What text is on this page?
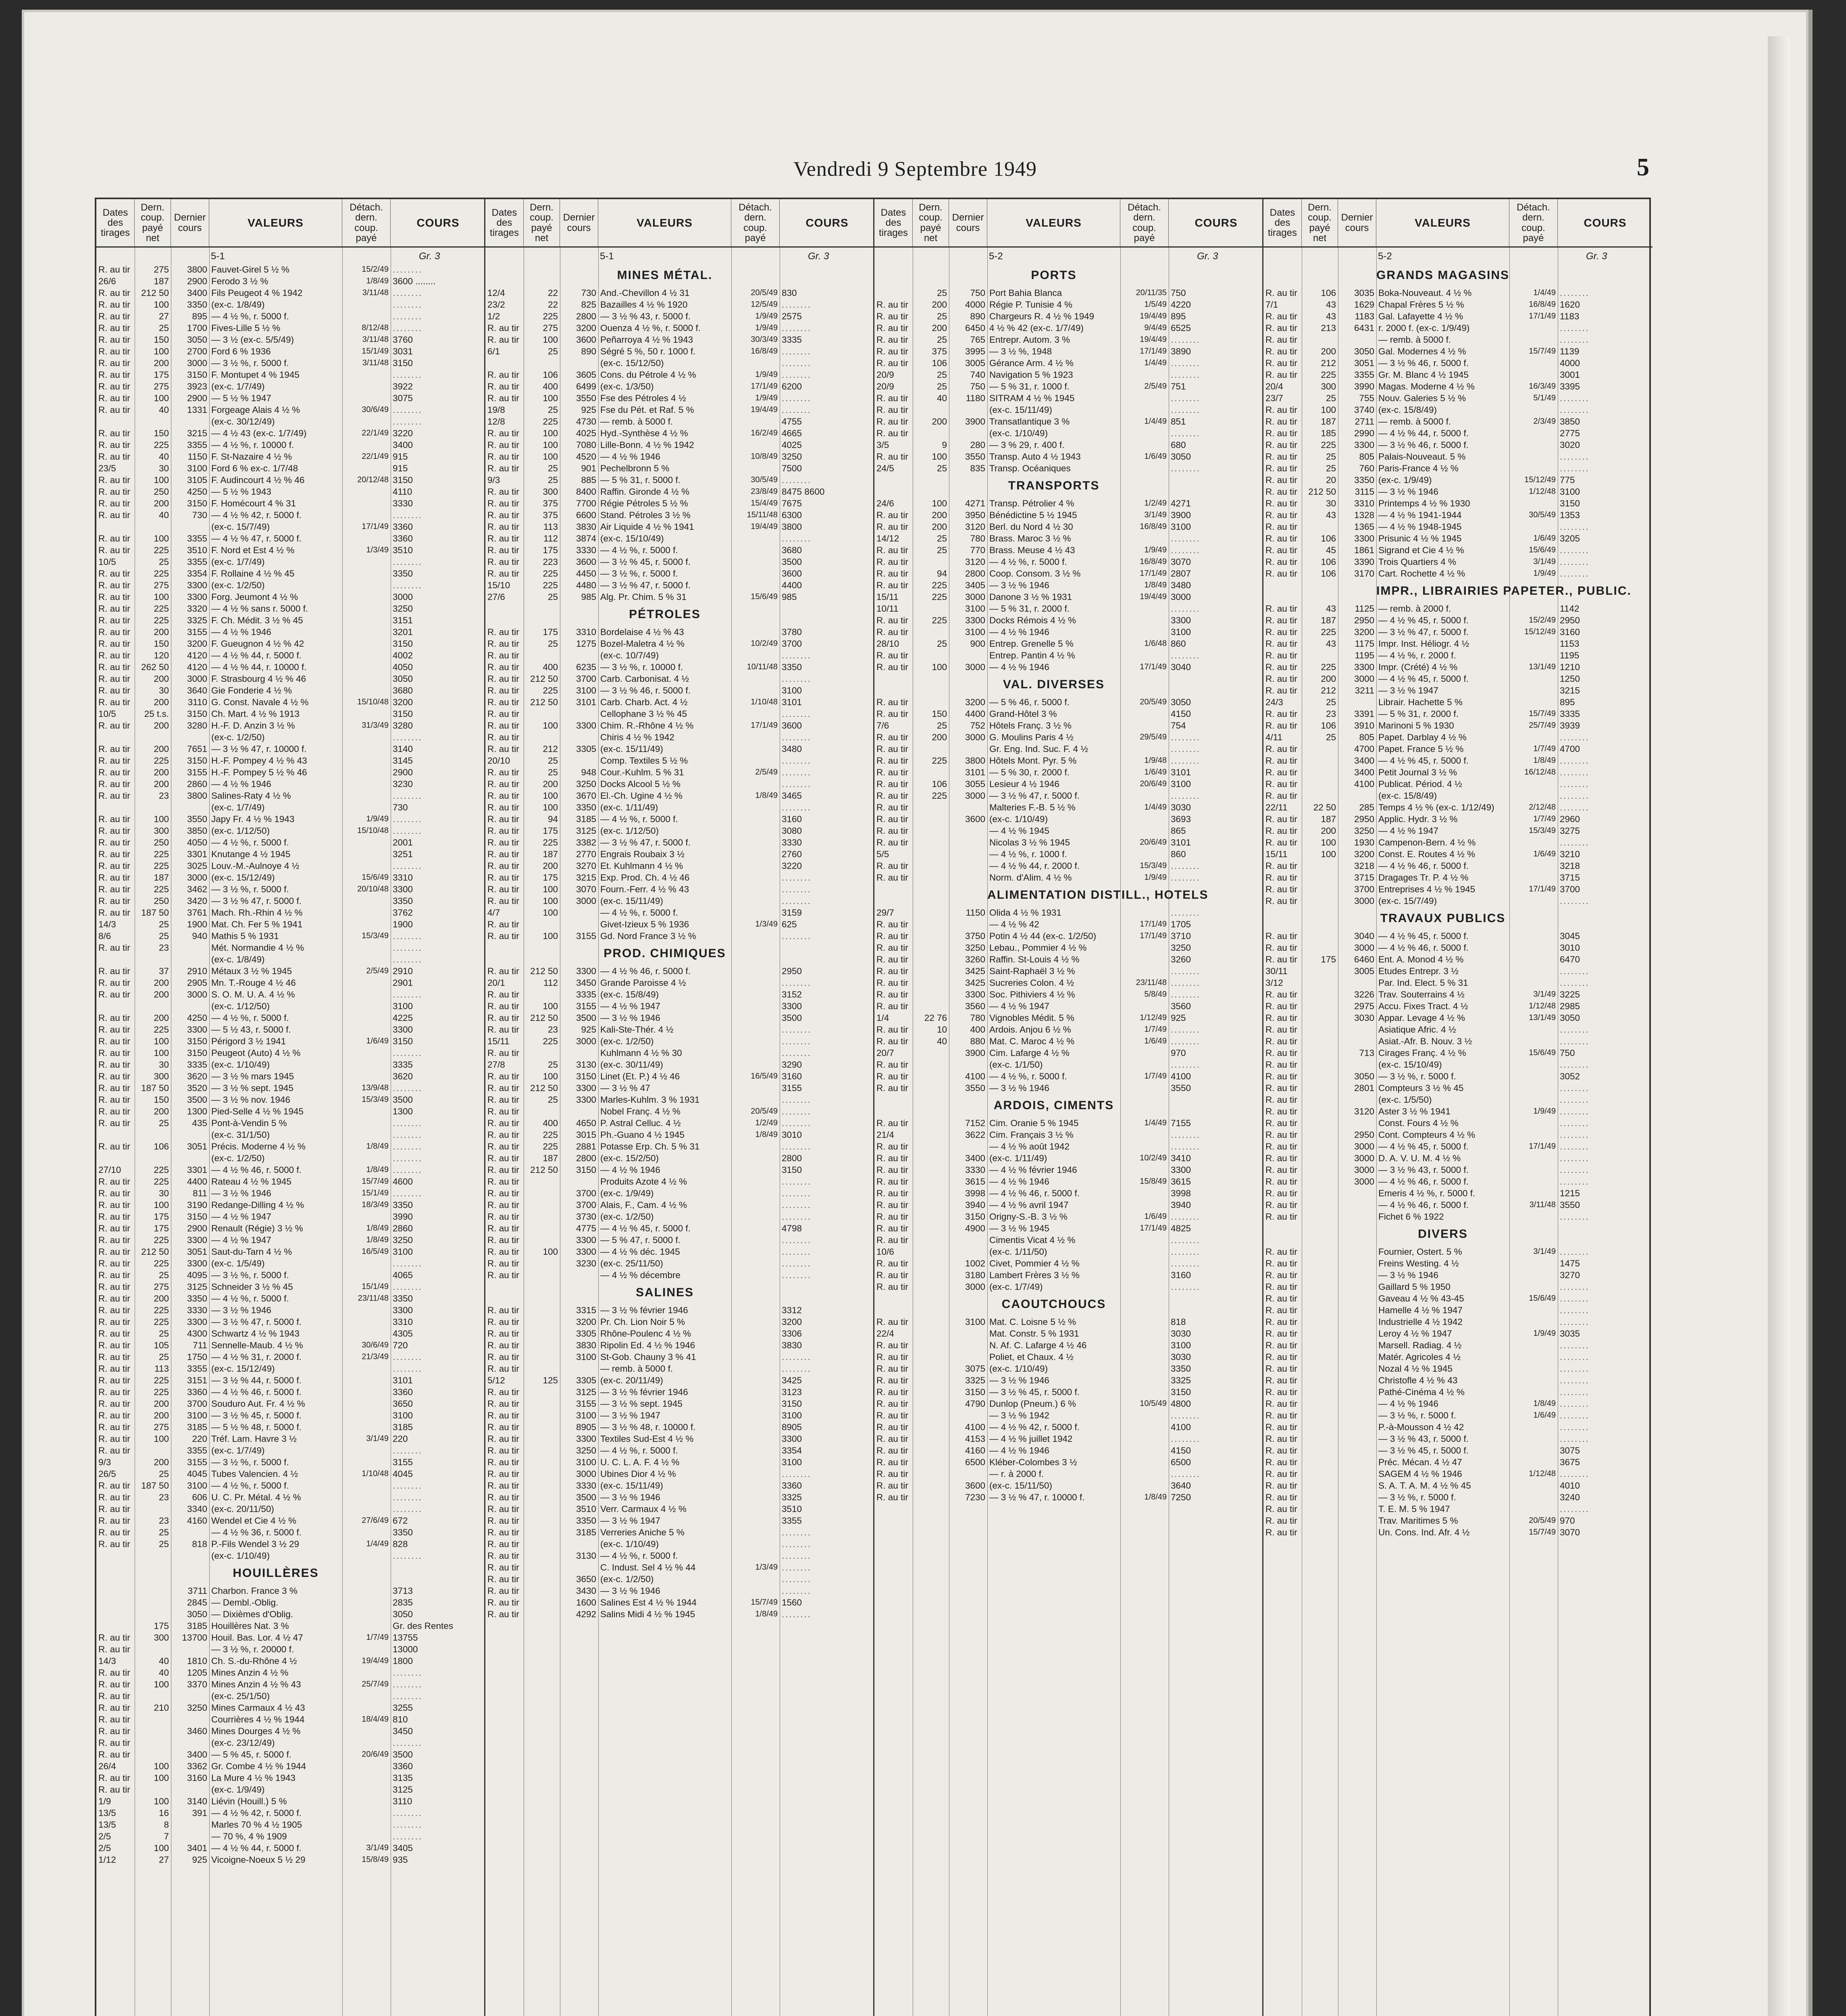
Vendredi 9 Septembre 1949	5
Dates
des
tirages
Dern.
coup.
payé
net
Dernier
cours	VALEURS
Détach.
dern.
coup.
payé
COURS
5-1	Gr. 3
R. au tir	275	3800 Fauvet-Girel 5 ½ %	15/2/49 ........
26/6	187	2900 Ferodo 3 ½ %	1/8/49 3600 ........
R. au tir	212 50	3400 Fils Peugeot 4 % 1942	3/11/48 ........
R. au tir	100	3350 (ex-c. 1/8/49)	........
R. au tir	27	895 — 4 ½ %, r. 5000 f.	........
R. au tir	25	1700 Fives-Lille 5 ½ %	8/12/48 ........
R. au tir	150	3050 — 3 ½ (ex-c. 5/5/49)	3/11/48 3760
R. au tir	100	2700 Ford 6 % 1936	15/1/49 3031
R. au tir	200	3000 — 3 ½ %, r. 5000 f.	3/11/48 3150
R. au tir	175	3150 F. Montupet 4 % 1945	........
R. au tir	275	3923 (ex-c. 1/7/49)	3922
R. au tir	100	2900 — 5 ½ % 1947	3075
R. au tir	40	1331 Forgeage Alais 4 ½ %	30/6/49 ........
(ex-c. 30/12/49)	........
R. au tir	150	3215 — 4 ½ 43 (ex-c. 1/7/49)	22/1/49 3220
R. au tir	225	3355 — 4 ½ %, r. 10000 f.	3400
R. au tir	40	1150 F. St-Nazaire 4 ½ %	22/1/49 915
23/5	30	3100 Ford 6 % ex-c. 1/7/48	915
R. au tir	100	3105 F. Audincourt 4 ½ % 46	20/12/48 3150
R. au tir	250	4250 — 5 ½ % 1943	4110
R. au tir	200	3150 F. Homécourt 4 % 31	3330
R. au tir	40	730 — 4 ½ % 42, r. 5000 f.	........
(ex-c. 15/7/49)	17/1/49 3360
R. au tir	100	3355 — 4 ½ % 47, r. 5000 f.	3360
R. au tir	225	3510 F. Nord et Est 4 ½ %	1/3/49 3510
10/5	25	3355 (ex-c. 1/7/49)	........
R. au tir	225	3354 F. Rollaine 4 ½ % 45	3350
R. au tir	275	3300 (ex-c. 1/2/50)	........
R. au tir	100	3300 Forg. Jeumont 4 ½ %	3000
R. au tir	225	3320 — 4 ½ % sans r. 5000 f.	3250
R. au tir	225	3325 F. Ch. Médit. 3 ½ % 45	3151
R. au tir	200	3155 — 4 ½ % 1946	3201
R. au tir	150	3200 F. Gueugnon 4 ½ % 42	3150
R. au tir	120	4120 — 4 ½ % 44, r. 5000 f.	4002
R. au tir	262 50	4120 — 4 ½ % 44, r. 10000 f.	4050
R. au tir	200	3000 F. Strasbourg 4 ½ % 46	3050
R. au tir	30	3640 Gie Fonderie 4 ½ %	3680
R. au tir	200	3110 G. Const. Navale 4 ½ %	15/10/48 3200
10/5	25 t.s.	3150 Ch. Mart. 4 ½ % 1913	3150
R. au tir	200	3280 H.-F. D. Anzin 3 ½ %	31/3/49 3280
(ex-c. 1/2/50)	........
R. au tir	200	7651 — 3 ½ % 47, r. 10000 f.	3140
R. au tir	225	3150 H.-F. Pompey 4 ½ % 43	3145
R. au tir	200	3155 H.-F. Pompey 5 ½ % 46	2900
R. au tir	200	2860 — 4 ½ % 1946	3230
R. au tir	23	3800 Salines-Raty 4 ½ %	........
(ex-c. 1/7/49)	730
R. au tir	100	3550 Japy Fr. 4 ½ % 1943	1/9/49 ........
R. au tir	300	3850 (ex-c. 1/12/50)	15/10/48 ........
R. au tir	250	4050 — 4 ½ %, r. 5000 f.	2001
R. au tir	225	3301 Knutange 4 ½ 1945	3251
R. au tir	225	3025 Louv.-M.-Aulnoye 4 ½	........
R. au tir	187	3000 (ex-c. 15/12/49)	15/6/49 3310
R. au tir	225	3462 — 3 ½ %, r. 5000 f.	20/10/48 3300
R. au tir	250	3420 — 3 ½ % 47, r. 5000 f.	3350
R. au tir	187 50	3761 Mach. Rh.-Rhin 4 ½ %	3762
14/3	25	1900 Mat. Ch. Fer 5 % 1941	1900
8/6	25	940 Mathis 5 % 1931	15/3/49 ........
R. au tir	23	Mét. Normandie 4 ½ %	........
(ex-c. 1/8/49)	........
R. au tir	37	2910 Métaux 3 ½ % 1945	2/5/49 2910
R. au tir	200	2905 Mn. T.-Rouge 4 ½ 46	2901
R. au tir	200	3000 S. O. M. U. A. 4 ½ %	........
(ex-c. 1/12/50)	3100
R. au tir	200	4250 — 4 ½ %, r. 5000 f.	4225
R. au tir	225	3300 — 5 ½ 43, r. 5000 f.	3300
R. au tir	100	3150 Périgord 3 ½ 1941	1/6/49 3150
R. au tir	100	3150 Peugeot (Auto) 4 ½ %	........
R. au tir	30	3335 (ex-c. 1/10/49)	3335
R. au tir	300	3620 — 3 ½ % mars 1945	3620
R. au tir	187 50	3520 — 3 ½ % sept. 1945	13/9/48 ........
R. au tir	150	3500 — 3 ½ % nov. 1946	15/3/49 3500
R. au tir	200	1300 Pied-Selle 4 ½ % 1945	1300
R. au tir	25	435 Pont-à-Vendin 5 %	........
(ex-c. 31/1/50)	........
R. au tir	106	3051 Précis. Moderne 4 ½ %	1/8/49 ........
(ex-c. 1/2/50)	........
27/10	225	3301 — 4 ½ % 46, r. 5000 f.	1/8/49 ........
R. au tir	225	4400 Rateau 4 ½ % 1945	15/7/49 4600
R. au tir	30	811 — 3 ½ % 1946	15/1/49 ........
R. au tir	100	3190 Redange-Dilling 4 ½ %	18/3/49 3350
R. au tir	175	3150 — 4 ½ % 1947	3990
R. au tir	175	2900 Renault (Régie) 3 ½ %	1/8/49 2860
R. au tir	225	3300 — 4 ½ % 1947	1/8/49 3250
R. au tir	212 50	3051 Saut-du-Tarn 4 ½ %	16/5/49 3100
R. au tir	225	3300 (ex-c. 1/5/49)	........
R. au tir	25	4095 — 3 ½ %, r. 5000 f.	4065
R. au tir	275	3125 Schneider 3 ½ % 45	15/1/49 ........
R. au tir	200	3350 — 4 ½ %, r. 5000 f.	23/11/48 3350
R. au tir	225	3330 — 3 ½ % 1946	3300
R. au tir	225	3300 — 3 ½ % 47, r. 5000 f.	3310
R. au tir	25	4300 Schwartz 4 ½ % 1943	4305
R. au tir	105	711 Sennelle-Maub. 4 ½ %	30/6/49 720
R. au tir	25	1750 — 4 ½ % 31, r. 2000 f.	21/3/49 ........
R. au tir	113	3355 (ex-c. 15/12/49)	........
R. au tir	225	3151 — 3 ½ % 44, r. 5000 f.	3101
R. au tir	225	3360 — 4 ½ % 46, r. 5000 f.	3360
R. au tir	200	3700 Souduro Aut. Fr. 4 ½ %	3650
R. au tir	200	3100 — 3 ½ % 45, r. 5000 f.	3100
R. au tir	275	3185 — 5 ½ % 48, r. 5000 f.	3185
R. au tir	100	220 Tréf. Lam. Havre 3 ½	3/1/49 220
R. au tir	3355 (ex-c. 1/7/49)	........
9/3	200	3155 — 3 ½ %, r. 5000 f.	3155
26/5	25	4045 Tubes Valencien. 4 ½	1/10/48 4045
R. au tir	187 50	3100 — 4 ½ %, r. 5000 f.	........
R. au tir	23	606 U. C. Pr. Métal. 4 ½ %	........
R. au tir	3340 (ex-c. 20/11/50)	........
R. au tir	23	4160 Wendel et Cie 4 ½ %	27/6/49 672
R. au tir	25	— 4 ½ % 36, r. 5000 f.	3350
R. au tir	25	818 P.-Fils Wendel 3 ½ 29	1/4/49 828
(ex-c. 1/10/49)	........
HOUILLÈRES
3711 Charbon. France 3 %	3713
2845 — Dembl.-Oblig.	2835
3050 — Dixièmes d'Oblig.	3050
175	3185 Houillères Nat. 3 %	Gr. des Rentes
R. au tir	300	13700 Houil. Bas. Lor. 4 ½ 47	1/7/49 13755
R. au tir	— 3 ½ %, r. 20000 f.	13000
14/3	40	1810 Ch. S.-du-Rhône 4 ½	19/4/49 1800
R. au tir	40	1205 Mines Anzin 4 ½ %	........
R. au tir	100	3370 Mines Anzin 4 ½ % 43	25/7/49 ........
R. au tir	(ex-c. 25/1/50)	........
R. au tir	210	3250 Mines Carmaux 4 ½ 43	3255
R. au tir	Courrières 4 ½ % 1944	18/4/49 810
R. au tir	3460 Mines Dourges 4 ½ %	3450
R. au tir	(ex-c. 23/12/49)	........
R. au tir	3400 — 5 % 45, r. 5000 f.	20/6/49 3500
26/4	100	3362 Gr. Combe 4 ½ % 1944	3360
R. au tir	100	3160 La Mure 4 ½ % 1943	3135
R. au tir	(ex-c. 1/9/49)	3125
1/9	100	3140 Liévin (Houill.) 5 %	3110
13/5	16	391 — 4 ½ % 42, r. 5000 f.	........
13/5	8	Marles 70 % 4 ½ 1905	........
2/5	7	— 70 %, 4 % 1909	........
2/5	100	3401 — 4 ½ % 44, r. 5000 f.	3/1/49 3405
1/12	27	925 Vicoigne-Noeux 5 ½ 29	15/8/49 935
Dates
des
tirages
Dern.
coup.
payé
net
Dernier
cours	VALEURS
Détach.
dern.
coup.
payé
COURS
5-1	Gr. 3
MINES MÉTAL.
12/4	22	730 And.-Chevillon 4 ½ 31	20/5/49 830
23/2	22	825 Bazailles 4 ½ % 1920	12/5/49 ........
1/2	225	2800 — 3 ½ % 43, r. 5000 f.	1/9/49 2575
R. au tir	275	3200 Ouenza 4 ½ %, r. 5000 f.	1/9/49 ........
R. au tir	100	3600 Peñarroya 4 ½ % 1943	30/3/49 3335
6/1	25	890 Ségré 5 %, 50 r. 1000 f.	16/8/49 ........
(ex-c. 15/12/50)	........
R. au tir	106	3605 Cons. du Pétrole 4 ½ %	1/9/49 ........
R. au tir	400	6499 (ex-c. 1/3/50)	17/1/49 6200
R. au tir	100	3550 Fse des Pétroles 4 ½	1/9/49 ........
19/8	25	925 Fse du Pét. et Raf. 5 %	19/4/49 ........
12/8	225	4730 — remb. à 5000 f.	4755
R. au tir	100	4025 Hyd.-Synthèse 4 ½ %	16/2/49 4665
R. au tir	100	7080 Lille-Bonn. 4 ½ % 1942	4025
R. au tir	100	4520 — 4 ½ % 1946	10/8/49 3250
R. au tir	25	901 Pechelbronn 5 %	7500
9/3	25	885 — 5 % 31, r. 5000 f.	30/5/49 ........
R. au tir	300	8400 Raffin. Gironde 4 ½ %	23/8/49 8475 8600
R. au tir	375	7700 Régie Pétroles 5 ½ %	15/4/49 7675
R. au tir	375	6600 Stand. Pétroles 3 ½ %	15/11/48 6300
R. au tir	113	3830 Air Liquide 4 ½ % 1941	19/4/49 3800
R. au tir	112	3874 (ex-c. 15/10/49)	........
R. au tir	175	3330 — 4 ½ %, r. 5000 f.	3680
R. au tir	223	3600 — 3 ½ % 45, r. 5000 f.	3500
R. au tir	225	4450 — 3 ½ %, r. 5000 f.	3600
15/10	225	4480 — 3 ½ % 47, r. 5000 f.	4400
27/6	25	985 Alg. Pr. Chim. 5 % 31	15/6/49 985
PÉTROLES
R. au tir	175	3310 Bordelaise 4 ½ % 43	3780
R. au tir	25	1275 Bozel-Maletra 4 ½ %	10/2/49 3700
R. au tir	(ex-c. 10/7/49)	........
R. au tir	400	6235 — 3 ½ %, r. 10000 f.	10/11/48 3350
R. au tir	212 50	3700 Carb. Carbonisat. 4 ½	........
R. au tir	225	3100 — 3 ½ % 46, r. 5000 f.	3100
R. au tir	212 50	3101 Carb. Charb. Act. 4 ½	1/10/48 3101
R. au tir	Cellophane 3 ½ % 45	........
R. au tir	100	3300 Chim. R.-Rhône 4 ½ %	17/1/49 3600
R. au tir	Chiris 4 ½ % 1942	........
R. au tir	212	3305 (ex-c. 15/11/49)	3480
20/10	25	Comp. Textiles 5 ½ %	........
R. au tir	25	948 Cour.-Kuhlm. 5 % 31	2/5/49 ........
R. au tir	200	3250 Docks Alcool 5 ½ %	........
R. au tir	100	3670 El.-Ch. Ugine 4 ½ %	1/8/49 3465
R. au tir	100	3350 (ex-c. 1/11/49)	........
R. au tir	94	3185 — 4 ½ %, r. 5000 f.	3160
R. au tir	175	3125 (ex-c. 1/12/50)	3080
R. au tir	225	3382 — 3 ½ % 47, r. 5000 f.	3330
R. au tir	187	2770 Engrais Roubaix 3 ½	2760
R. au tir	200	3270 Et. Kuhlmann 4 ½ %	3220
R. au tir	175	3215 Exp. Prod. Ch. 4 ½ 46	........
R. au tir	100	3070 Fourn.-Ferr. 4 ½ % 43	........
R. au tir	100	3000 (ex-c. 15/11/49)	........
4/7	100	— 4 ½ %, r. 5000 f.	3159
R. au tir	Givet-Izieux 5 % 1936	1/3/49 625
R. au tir	100	3155 Gd. Nord France 3 ½ %	........
PROD. CHIMIQUES
R. au tir	212 50	3300 — 4 ½ % 46, r. 5000 f.	2950
20/1	112	3450 Grande Paroisse 4 ½	........
R. au tir	3335 (ex-c. 15/8/49)	3152
R. au tir	100	3155 — 4 ½ % 1947	3300
R. au tir	212 50	3500 — 3 ½ % 1946	3500
R. au tir	23	925 Kali-Ste-Thér. 4 ½	........
15/11	225	3000 (ex-c. 1/2/50)	........
R. au tir	Kuhlmann 4 ½ % 30	........
27/8	25	3130 (ex-c. 30/11/49)	3290
R. au tir	100	3150 Linet (Et. P.) 4 ½ 46	16/5/49 3160
R. au tir	212 50	3300 — 3 ½ % 47	3155
R. au tir	25	3300 Marles-Kuhlm. 3 % 1931	........
R. au tir	Nobel Franç. 4 ½ %	20/5/49 ........
R. au tir	400	4650 P. Astral Celluc. 4 ½	1/2/49 ........
R. au tir	225	3015 Ph.-Guano 4 ½ 1945	1/8/49 3010
R. au tir	225	2881 Potasse Erp. Ch. 5 % 31	........
R. au tir	187	2800 (ex-c. 15/2/50)	2800
R. au tir	212 50	3150 — 4 ½ % 1946	3150
R. au tir	Produits Azote 4 ½ %	........
R. au tir	3700 (ex-c. 1/9/49)	........
R. au tir	3700 Alais, F., Cam. 4 ½ %	........
R. au tir	3730 (ex-c. 1/2/50)	........
R. au tir	4775 — 4 ½ % 45, r. 5000 f.	4798
R. au tir	3300 — 5 % 47, r. 5000 f.	........
R. au tir	100	3300 — 4 ½ % déc. 1945	........
R. au tir	3230 (ex-c. 25/11/50)	........
R. au tir	— 4 ½ % décembre	........
SALINES
R. au tir	3315 — 3 ½ % février 1946	3312
R. au tir	3200 Pr. Ch. Lion Noir 5 %	3200
R. au tir	3305 Rhône-Poulenc 4 ½ %	3306
R. au tir	3830 Ripolin Ed. 4 ½ % 1946	3830
R. au tir	3100 St-Gob. Chauny 3 % 41	........
R. au tir	— remb. à 5000 f.	........
5/12	125	3305 (ex-c. 20/11/49)	3425
R. au tir	3125 — 3 ½ % février 1946	3123
R. au tir	3155 — 3 ½ % sept. 1945	3150
R. au tir	3100 — 3 ½ % 1947	3100
R. au tir	8905 — 3 ½ % 48, r. 10000 f.	8905
R. au tir	3300 Textiles Sud-Est 4 ½ %	3300
R. au tir	3250 — 4 ½ %, r. 5000 f.	3354
R. au tir	3100 U. C. L. A. F. 4 ½ %	3100
R. au tir	3000 Ubines Dior 4 ½ %	........
R. au tir	3330 (ex-c. 15/11/49)	3360
R. au tir	3500 — 3 ½ % 1946	3325
R. au tir	3510 Verr. Carmaux 4 ½ %	3510
R. au tir	3350 — 3 ½ % 1947	3355
R. au tir	3185 Verreries Aniche 5 %	........
R. au tir	(ex-c. 1/10/49)	........
R. au tir	3130 — 4 ½ %, r. 5000 f.	........
R. au tir	C. Indust. Sel 4 ½ % 44	1/3/49 ........
R. au tir	3650 (ex-c. 1/2/50)	........
R. au tir	3430 — 3 ½ % 1946	........
R. au tir	1600 Salines Est 4 ½ % 1944	15/7/49 1560
R. au tir	4292 Salins Midi 4 ½ % 1945	1/8/49 ........
Dates
des
tirages
Dern.
coup.
payé
net
Dernier
cours	VALEURS
Détach.
dern.
coup.
payé
COURS
5-2	Gr. 3
PORTS
25	750 Port Bahia Blanca	20/11/35 750
R. au tir	200	4000 Régie P. Tunisie 4 %	1/5/49 4220
R. au tir	25	890 Chargeurs R. 4 ½ % 1949	19/4/49 895
R. au tir	200	6450 4 ½ % 42 (ex-c. 1/7/49)	9/4/49 6525
R. au tir	25	765 Entrepr. Autom. 3 %	19/4/49 ........
R. au tir	375	3995 — 3 ½ %, 1948	17/1/49 3890
R. au tir	106	3005 Gérance Arm. 4 ½ %	1/4/49 ........
20/9	25	740 Navigation 5 % 1923	........
20/9	25	750 — 5 % 31, r. 1000 f.	2/5/49 751
R. au tir	40	1180 SITRAM 4 ½ % 1945	........
R. au tir	(ex-c. 15/11/49)	........
R. au tir	200	3900 Transatlantique 3 %	1/4/49 851
R. au tir	(ex-c. 1/10/49)	........
3/5	9	280 — 3 % 29, r. 400 f.	680
R. au tir	100	3550 Transp. Auto 4 ½ 1943	1/6/49 3050
24/5	25	835 Transp. Océaniques	........
TRANSPORTS
24/6	100	4271 Transp. Pétrolier 4 %	1/2/49 4271
R. au tir	200	3950 Bénédictine 5 ½ 1945	3/1/49 3900
R. au tir	200	3120 Berl. du Nord 4 ½ 30	16/8/49 3100
14/12	25	780 Brass. Maroc 3 ½ %	........
R. au tir	25	770 Brass. Meuse 4 ½ 43	1/9/49 ........
R. au tir	3120 — 4 ½ %, r. 5000 f.	16/8/49 3070
R. au tir	94	2800 Coop. Consom. 3 ½ %	17/1/49 2807
R. au tir	225	3405 — 3 ½ % 1946	1/8/49 3480
15/11	225	3000 Danone 3 ½ % 1931	19/4/49 3000
10/11	3100 — 5 % 31, r. 2000 f.	........
R. au tir	225	3300 Docks Rémois 4 ½ %	3300
R. au tir	3100 — 4 ½ % 1946	3100
28/10	25	900 Entrep. Grenelle 5 %	1/6/48 860
R. au tir	Entrep. Pantin 4 ½ %	........
R. au tir	100	3000 — 4 ½ % 1946	17/1/49 3040
VAL. DIVERSES
R. au tir	3200 — 5 % 46, r. 5000 f.	20/5/49 3050
R. au tir	150	4400 Grand-Hôtel 3 %	4150
7/6	25	752 Hôtels Franç. 3 ½ %	754
R. au tir	200	3000 G. Moulins Paris 4 ½	29/5/49 ........
R. au tir	Gr. Eng. Ind. Suc. F. 4 ½	........
R. au tir	225	3800 Hôtels Mont. Pyr. 5 %	1/9/48 ........
R. au tir	3101 — 5 % 30, r. 2000 f.	1/6/49 3101
R. au tir	106	3055 Lesieur 4 ½ 1946	20/6/49 3100
R. au tir	225	3000 — 3 ½ % 47, r. 5000 f.	........
R. au tir	Malteries F.-B. 5 ½ %	1/4/49 3030
R. au tir	3600 (ex-c. 1/10/49)	3693
R. au tir	— 4 ½ % 1945	865
R. au tir	Nicolas 3 ½ % 1945	20/6/49 3101
5/5	— 4 ½ %, r. 1000 f.	860
R. au tir	— 4 ½ % 44, r. 2000 f.	15/3/49 ........
R. au tir	Norm. d'Alim. 4 ½ %	1/9/49 ........
ALIMENTATION DISTILL., HOTELS
29/7	1150 Olida 4 ½ % 1931	........
R. au tir	— 4 ½ % 42	17/1/49 1705
R. au tir	3750 Potin 4 ½ 44 (ex-c. 1/2/50)	17/1/49 3710
R. au tir	3250 Lebau., Pommier 4 ½ %	3250
R. au tir	3260 Raffin. St-Louis 4 ½ %	3260
R. au tir	3425 Saint-Raphaël 3 ½ %	........
R. au tir	3425 Sucreries Colon. 4 ½	23/11/48 ........
R. au tir	3300 Soc. Pithiviers 4 ½ %	5/8/49 ........
R. au tir	3560 — 4 ½ % 1947	3560
1/4	22 76	780 Vignobles Médit. 5 %	1/12/49 925
R. au tir	10	400 Ardois. Anjou 6 ½ %	1/7/49 ........
R. au tir	40	880 Mat. C. Maroc 4 ½ %	1/6/49 ........
20/7	3900 Cim. Lafarge 4 ½ %	970
R. au tir	(ex-c. 1/1/50)	........
R. au tir	4100 — 4 ½ %, r. 5000 f.	1/7/49 4100
R. au tir	3550 — 3 ½ % 1946	3550
ARDOIS, CIMENTS
R. au tir	7152 Cim. Oranie 5 % 1945	1/4/49 7155
21/4	3622 Cim. Français 3 ½ %	........
R. au tir	— 4 ½ % août 1942	........
R. au tir	3400 (ex-c. 1/11/49)	10/2/49 3410
R. au tir	3330 — 4 ½ % février 1946	3300
R. au tir	3615 — 4 ½ % 1946	15/8/49 3615
R. au tir	3998 — 4 ½ % 46, r. 5000 f.	3998
R. au tir	3940 — 4 ½ % avril 1947	3940
R. au tir	3150 Origny-S.-B. 3 ½ %	1/6/49 ........
R. au tir	4900 — 3 ½ % 1945	17/1/49 4825
R. au tir	Cimentis Vicat 4 ½ %	........
10/6	(ex-c. 1/11/50)	........
R. au tir	1002 Civet, Pommier 4 ½ %	........
R. au tir	3180 Lambert Frères 3 ½ %	3160
R. au tir	3000 (ex-c. 1/7/49)	........
CAOUTCHOUCS
R. au tir	3100 Mat. C. Loisne 5 ½ %	818
22/4	Mat. Constr. 5 % 1931	3030
R. au tir	N. Af. C. Lafarge 4 ½ 46	3100
R. au tir	Poliet, et Chaux. 4 ½	3030
R. au tir	3075 (ex-c. 1/10/49)	3350
R. au tir	3325 — 3 ½ % 1946	3325
R. au tir	3150 — 3 ½ % 45, r. 5000 f.	3150
R. au tir	4790 Dunlop (Pneum.) 6 %	10/5/49 4800
R. au tir	— 3 ½ % 1942	........
R. au tir	4100 — 4 ½ % 42, r. 5000 f.	4100
R. au tir	4153 — 4 ½ % juillet 1942	........
R. au tir	4160 — 4 ½ % 1946	4150
R. au tir	6500 Kléber-Colombes 3 ½	6500
R. au tir	— r. à 2000 f.	........
R. au tir	3600 (ex-c. 15/11/50)	3640
R. au tir	7230 — 3 ½ % 47, r. 10000 f.	1/8/49 7250
Dates
des
tirages
Dern.
coup.
payé
net
Dernier
cours	VALEURS
Détach.
dern.
coup.
payé
COURS
5-2	Gr. 3
GRANDS MAGASINS
R. au tir	106	3035 Boka-Nouveaut. 4 ½ %	1/4/49 ........
7/1	43	1629 Chapal Frères 5 ½ %	16/8/49 1620
R. au tir	43	1183 Gal. Lafayette 4 ½ %	17/1/49 1183
R. au tir	213	6431 r. 2000 f. (ex-c. 1/9/49)	........
R. au tir	— remb. à 5000 f.	........
R. au tir	200	3050 Gal. Modernes 4 ½ %	15/7/49 1139
R. au tir	212	3051 — 3 ½ % 46, r. 5000 f.	4000
R. au tir	225	3355 Gr. M. Blanc 4 ½ 1945	3001
20/4	300	3990 Magas. Moderne 4 ½ %	16/3/49 3395
23/7	25	755 Nouv. Galeries 5 ½ %	5/1/49 ........
R. au tir	100	3740 (ex-c. 15/8/49)	........
R. au tir	187	2711 — remb. à 5000 f.	2/3/49 3850
R. au tir	185	2990 — 4 ½ % 44, r. 5000 f.	2775
R. au tir	225	3300 — 3 ½ % 46, r. 5000 f.	3020
R. au tir	25	805 Palais-Nouveaut. 5 %	........
R. au tir	25	760 Paris-France 4 ½ %	........
R. au tir	20	3350 (ex-c. 1/9/49)	15/12/49 775
R. au tir	212 50	3115 — 3 ½ % 1946	1/12/48 3100
R. au tir	30	3310 Printemps 4 ½ % 1930	3150
R. au tir	43	1328 — 4 ½ % 1941-1944	30/5/49 1353
R. au tir	1365 — 4 ½ % 1948-1945	........
R. au tir	106	3300 Prisunic 4 ½ % 1945	1/6/49 3205
R. au tir	45	1861 Sigrand et Cie 4 ½ %	15/6/49 ........
R. au tir	106	3390 Trois Quartiers 4 %	3/1/49 ........
R. au tir	106	3170 Cart. Rochette 4 ½ %	1/9/49 ........
IMPR., LIBRAIRIES PAPETER., PUBLIC.
R. au tir	43	1125 — remb. à 2000 f.	1142
R. au tir	187	2950 — 4 ½ % 45, r. 5000 f.	15/2/49 2950
R. au tir	225	3200 — 3 ½ % 47, r. 5000 f.	15/12/49 3160
R. au tir	43	1175 Impr. Inst. Héliogr. 4 ½	1153
R. au tir	1195 — 4 ½ %, r. 2000 f.	1195
R. au tir	225	3300 Impr. (Crété) 4 ½ %	13/1/49 1210
R. au tir	200	3000 — 4 ½ % 45, r. 5000 f.	1250
R. au tir	212	3211 — 3 ½ % 1947	3215
24/3	25	Librair. Hachette 5 %	895
R. au tir	23	3391 — 5 % 31, r. 2000 f.	15/7/49 3335
R. au tir	106	3910 Marinoni 5 % 1930	25/7/49 3939
4/11	25	805 Papet. Darblay 4 ½ %	........
R. au tir	4700 Papet. France 5 ½ %	1/7/49 4700
R. au tir	3400 — 4 ½ % 45, r. 5000 f.	1/8/49 ........
R. au tir	3400 Petit Journal 3 ½ %	16/12/48 ........
R. au tir	4100 Publicat. Périod. 4 ½	........
R. au tir	(ex-c. 15/8/49)	........
22/11	22 50	285 Temps 4 ½ % (ex-c. 1/12/49)	2/12/48 ........
R. au tir	187	2950 Applic. Hydr. 3 ½ %	1/7/49 2960
R. au tir	200	3250 — 4 ½ % 1947	15/3/49 3275
R. au tir	100	1930 Campenon-Bern. 4 ½ %	........
15/11	100	3200 Const. E. Routes 4 ½ %	1/6/49 3210
R. au tir	3218 — 4 ½ % 46, r. 5000 f.	3218
R. au tir	3715 Dragages Tr. P. 4 ½ %	3715
R. au tir	3700 Entreprises 4 ½ % 1945	17/1/49 3700
R. au tir	3000 (ex-c. 15/7/49)	........
TRAVAUX PUBLICS
R. au tir	3040 — 4 ½ % 45, r. 5000 f.	3045
R. au tir	3000 — 4 ½ % 46, r. 5000 f.	3010
R. au tir	175	6460 Ent. A. Monod 4 ½ %	6470
30/11	3005 Etudes Entrepr. 3 ½	........
3/12	Par. Ind. Elect. 5 % 31	........
R. au tir	3226 Trav. Souterrains 4 ½	3/1/49 3225
R. au tir	2975 Accu. Fixes Tract. 4 ½	1/12/48 2985
R. au tir	3030 Appar. Levage 4 ½ %	13/1/49 3050
R. au tir	Asiatique Afric. 4 ½	........
R. au tir	Asiat.-Afr. B. Nouv. 3 ½	........
R. au tir	713 Cirages Franç. 4 ½ %	15/6/49 750
R. au tir	(ex-c. 15/10/49)	........
R. au tir	3050 — 3 ½ %, r. 5000 f.	3052
R. au tir	2801 Compteurs 3 ½ % 45	........
R. au tir	(ex-c. 1/5/50)	........
R. au tir	3120 Aster 3 ½ % 1941	1/9/49 ........
R. au tir	Const. Fours 4 ½ %	........
R. au tir	2950 Cont. Compteurs 4 ½ %	........
R. au tir	3000 — 4 ½ % 45, r. 5000 f.	17/1/49 ........
R. au tir	3000 D. A. V. U. M. 4 ½ %	........
R. au tir	3000 — 3 ½ % 43, r. 5000 f.	........
R. au tir	3000 — 4 ½ % 46, r. 5000 f.	........
R. au tir	Emeris 4 ½ %, r. 5000 f.	1215
R. au tir	— 4 ½ % 46, r. 5000 f.	3/11/48 3550
R. au tir	Fichet 6 % 1922	........
DIVERS
R. au tir	Fournier, Ostert. 5 %	3/1/49 ........
R. au tir	Freins Westing. 4 ½	1475
R. au tir	— 3 ½ % 1946	3270
R. au tir	Gaillard 5 % 1950	........
R. au tir	Gaveau 4 ½ % 43-45	15/6/49 ........
R. au tir	Hamelle 4 ½ % 1947	........
R. au tir	Industrielle 4 ½ 1942	........
R. au tir	Leroy 4 ½ % 1947	1/9/49 3035
R. au tir	Marsell. Radiag. 4 ½	........
R. au tir	Matér. Agricoles 4 ½	........
R. au tir	Nozal 4 ½ % 1945	........
R. au tir	Christofle 4 ½ % 43	........
R. au tir	Pathé-Cinéma 4 ½ %	........
R. au tir	— 4 ½ % 1946	1/8/49 ........
R. au tir	— 3 ½ %, r. 5000 f.	1/6/49 ........
R. au tir	P.-à-Mousson 4 ½ 42	........
R. au tir	— 3 ½ % 43, r. 5000 f.	........
R. au tir	— 3 ½ % 45, r. 5000 f.	3075
R. au tir	Préc. Mécan. 4 ½ 47	3675
R. au tir	SAGEM 4 ½ % 1946	1/12/48 ........
R. au tir	S. A. T. A. M. 4 ½ % 45	4010
R. au tir	— 3 ½ %, r. 5000 f.	3240
R. au tir	T. E. M. 5 % 1947	........
R. au tir	Trav. Maritimes 5 %	20/5/49 970
R. au tir	Un. Cons. Ind. Afr. 4 ½	15/7/49 3070
